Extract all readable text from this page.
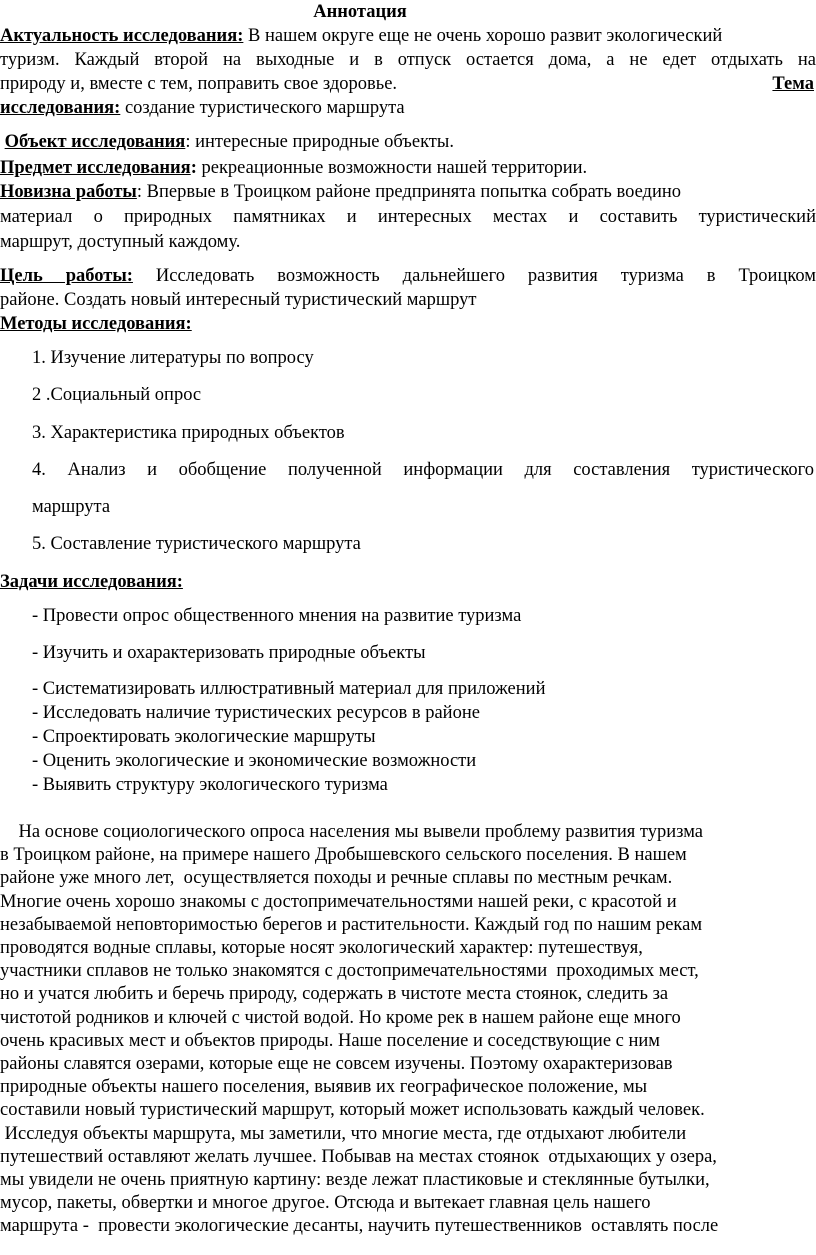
Аннотация
Актуальность исследования: В нашем округе еще не очень хорошо развит экологический
туризм. Каждый второй на выходные и в отпуск остается дома, а не едет отдыхать на
природу и, вместе с тем, поправить свое здоровье.	Тема
исследования: создание туристического маршрута
Объект исследования: интересные природные объекты.
Предмет исследования: рекреационные возможности нашей территории.
Новизна работы: Впервые в Троицком районе предпринята попытка собрать воедино
материал о природных памятниках и интересных местах и составить туристический
маршрут, доступный каждому.
Цель работы: Исследовать возможность дальнейшего развития туризма в Троицком
районе. Создать новый интересный туристический маршрут
Методы исследования:
1. Изучение литературы по вопросу
2 .Социальный опрос
3. Характеристика природных объектов
4. Анализ и обобщение полученной информации для составления туристического
маршрута
5. Составление туристического маршрута
Задачи исследования:
- Провести опрос общественного мнения на развитие туризма
- Изучить и охарактеризовать природные объекты
- Систематизировать иллюстративный материал для приложений
- Исследовать наличие туристических ресурсов в районе
- Спроектировать экологические маршруты
- Оценить экологические и экономические возможности
- Выявить структуру экологического туризма
На основе социологического опроса населения мы вывели проблему развития туризма
в Троицком районе, на примере нашего Дробышевского сельского поселения. В нашем
районе уже много лет,  осуществляется походы и речные сплавы по местным речкам.
Многие очень хорошо знакомы с достопримечательностями нашей реки, с красотой и
незабываемой неповторимостью берегов и растительности. Каждый год по нашим рекам
проводятся водные сплавы, которые носят экологический характер: путешествуя,
участники сплавов не только знакомятся с достопримечательностями  проходимых мест,
но и учатся любить и беречь природу, содержать в чистоте места стоянок, следить за
чистотой родников и ключей с чистой водой. Но кроме рек в нашем районе еще много
очень красивых мест и объектов природы. Наше поселение и соседствующие с ним
районы славятся озерами, которые еще не совсем изучены. Поэтому охарактеризовав
природные объекты нашего поселения, выявив их географическое положение, мы
составили новый туристический маршрут, который может использовать каждый человек.
Исследуя объекты маршрута, мы заметили, что многие места, где отдыхают любители
путешествий оставляют желать лучшее. Побывав на местах стоянок  отдыхающих у озера,
мы увидели не очень приятную картину: везде лежат пластиковые и стеклянные бутылки,
мусор, пакеты, обвертки и многое другое. Отсюда и вытекает главная цель нашего
маршрута -  провести экологические десанты, научить путешественников  оставлять после
